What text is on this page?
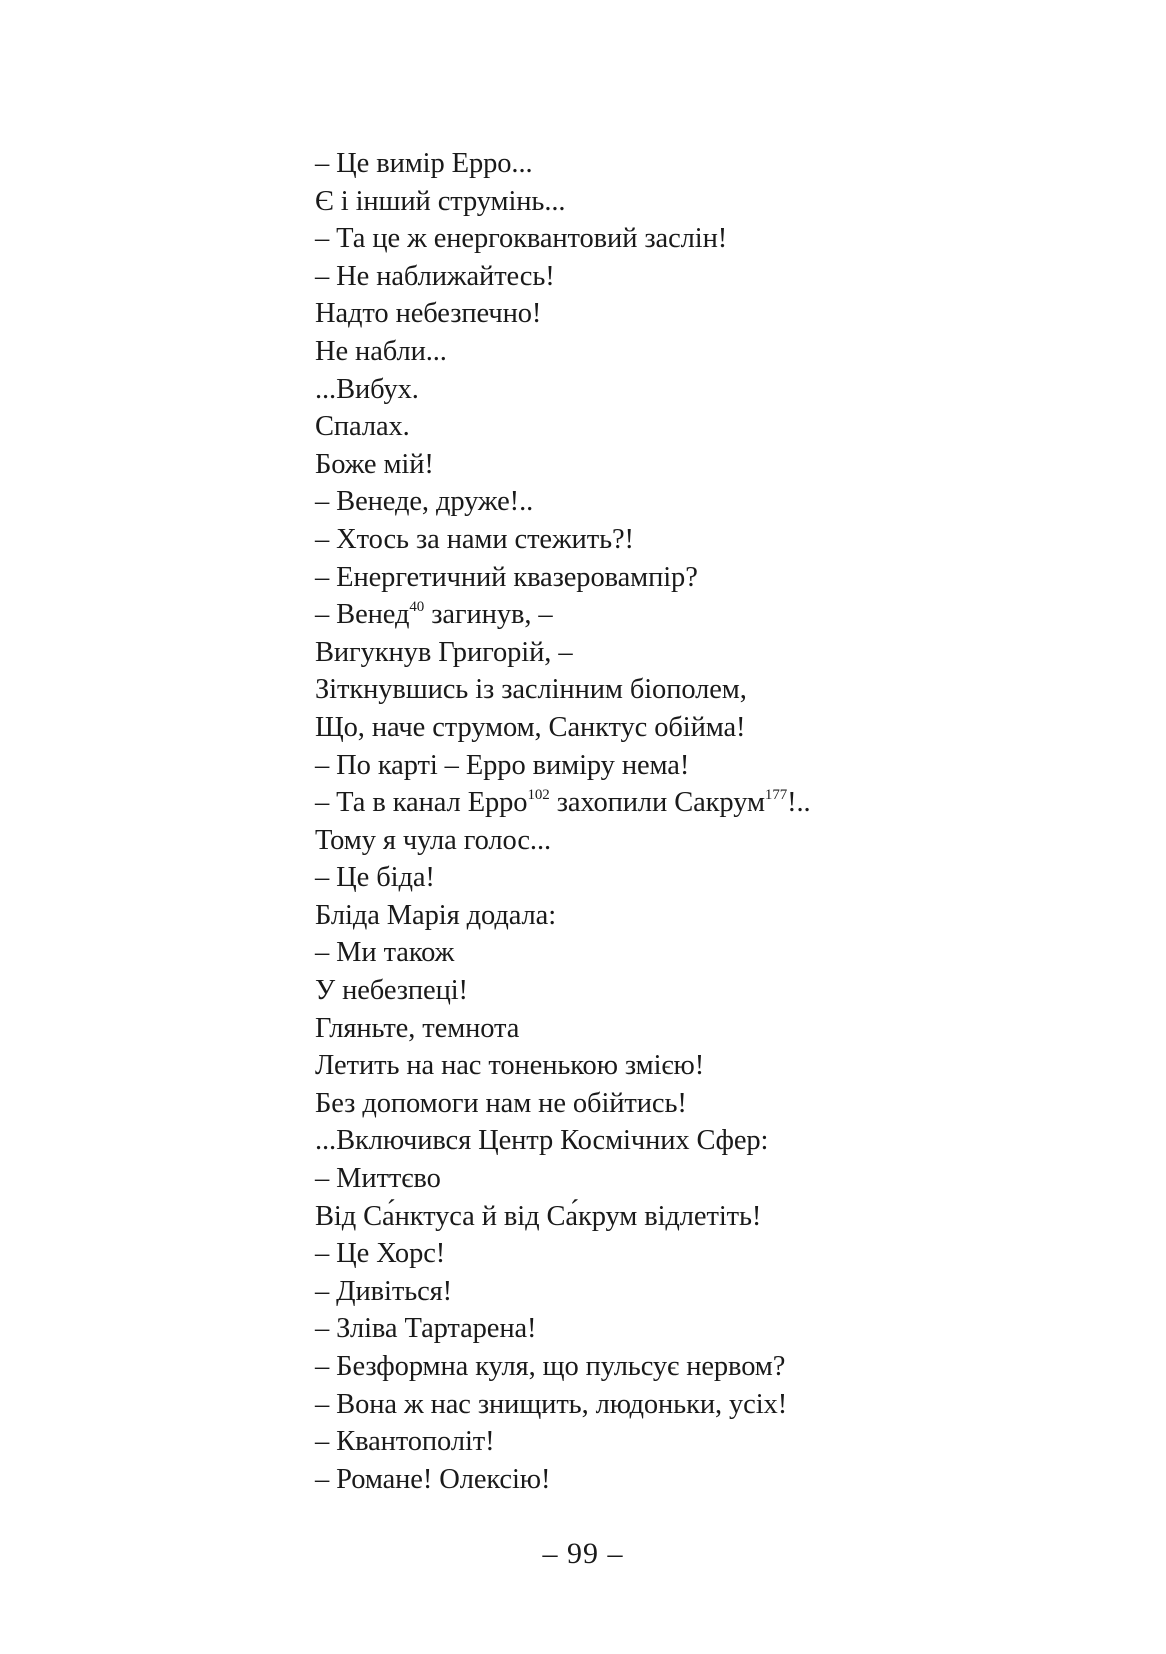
– Це вимір Ерро...
Є і інший струмінь...
– Та це ж енергоквантовий заслін!
– Не наближайтесь!
Надто небезпечно!
Не набли...
...Вибух.
Спалах.
Боже мій!
– Венеде, друже!..
– Хтось за нами стежить?!
– Енергетичний квазеровампір?
– Венед$^{40}$ загинув, –
Вигукнув Григорій, –
Зіткнувшись із заслінним біополем,
Що, наче струмом, Санктус обійма!
– По карті – Ерро виміру нема!
– Та в канал Ерро$^{102}$ захопили Сакрум$^{177}$!..
Тому я чула голос...
– Це біда!
Бліда Марія додала:
– Ми також
У небезпеці!
Гляньте, темнота
Летить на нас тоненькою змією!
Без допомоги нам не обійтись!
...Включився Центр Космічних Сфер:
– Миттєво
Від Са́нктуса й від Са́крум відлетіть!
– Це Хорс!
– Дивіться!
– Зліва Тартарена!
– Безформна куля, що пульсує нервом?
– Вона ж нас знищить, людоньки, усіх!
– Квантополіт!
– Романе! Олексію!
– 99 –
